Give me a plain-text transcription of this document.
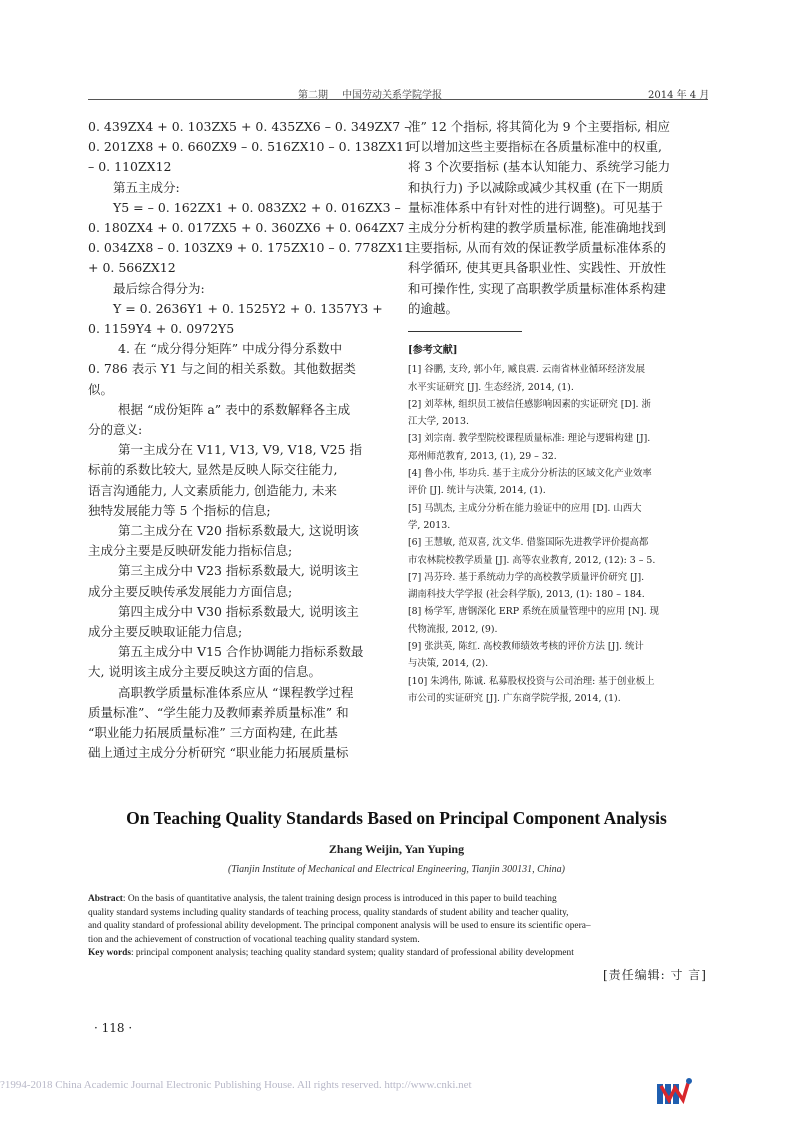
第二期 中国劳动关系学院学报	2014 年 4 月
0. 439ZX4 + 0. 103ZX5 + 0. 435ZX6 – 0. 349ZX7 –
0. 201ZX8 + 0. 660ZX9 – 0. 516ZX10 – 0. 138ZX11
– 0. 110ZX12
第五主成分:
Y5 = – 0. 162ZX1 + 0. 083ZX2 + 0. 016ZX3 –
0. 180ZX4 + 0. 017ZX5 + 0. 360ZX6 + 0. 064ZX7 –
0. 034ZX8 – 0. 103ZX9 + 0. 175ZX10 – 0. 778ZX11
+ 0. 566ZX12
最后综合得分为:
Y = 0. 2636Y1 + 0. 1525Y2 + 0. 1357Y3 +
0. 1159Y4 + 0. 0972Y5
4. 在 “成分得分矩阵” 中成分得分系数中
0. 786 表示 Y1 与之间的相关系数。其他数据类
似。
根据 “成份矩阵 a” 表中的系数解释各主成
分的意义:
第一主成分在 V11, V13, V9, V18, V25 指
标前的系数比较大, 显然是反映人际交往能力,
语言沟通能力, 人文素质能力, 创造能力, 未来
独特发展能力等 5 个指标的信息;
第二主成分在 V20 指标系数最大, 这说明该
主成分主要是反映研发能力指标信息;
第三主成分中 V23 指标系数最大, 说明该主
成分主要反映传承发展能力方面信息;
第四主成分中 V30 指标系数最大, 说明该主
成分主要反映取证能力信息;
第五主成分中 V15 合作协调能力指标系数最
大, 说明该主成分主要反映这方面的信息。
高职教学质量标准体系应从 “课程教学过程
质量标准”、“学生能力及教师素养质量标准” 和
“职业能力拓展质量标准” 三方面构建, 在此基
础上通过主成分分析研究 “职业能力拓展质量标
准” 12 个指标, 将其简化为 9 个主要指标, 相应
可以增加这些主要指标在各质量标准中的权重,
将 3 个次要指标 (基本认知能力、系统学习能力
和执行力) 予以减除或减少其权重 (在下一期质
量标准体系中有针对性的进行调整)。可见基于
主成分分析构建的教学质量标准, 能准确地找到
主要指标, 从而有效的保证教学质量标准体系的
科学循环, 使其更具备职业性、实践性、开放性
和可操作性, 实现了高职教学质量标准体系构建
的逾越。
[参考文献]
[1] 谷鹏, 支玲, 郭小年, 臧良震. 云南省林业循环经济发展
水平实证研究 [J]. 生态经济, 2014, (1).
[2] 刘萃林, 组织员工被信任感影响因素的实证研究 [D]. 浙
江大学, 2013.
[3] 刘宗南. 教学型院校课程质量标准: 理论与逻辑构建 [J].
郑州师范教育, 2013, (1), 29 – 32.
[4] 鲁小伟, 毕功兵. 基于主成分分析法的区域文化产业效率
评价 [J]. 统计与决策, 2014, (1).
[5] 马凯杰, 主成分分析在能力验证中的应用 [D]. 山西大
学, 2013.
[6] 王慧敏, 范双喜, 沈文华. 借鉴国际先进教学评价提高都
市农林院校教学质量 [J]. 高等农业教育, 2012, (12): 3 – 5.
[7] 冯芬玲. 基于系统动力学的高校教学质量评价研究 [J].
湖南科技大学学报 (社会科学版), 2013, (1): 180 – 184.
[8] 杨学军, 唐钢深化 ERP 系统在质量管理中的应用 [N]. 现
代物流报, 2012, (9).
[9] 张洪英, 陈红. 高校教师绩效考核的评价方法 [J]. 统计
与决策, 2014, (2).
[10] 朱鸿伟, 陈诚. 私募股权投资与公司治理: 基于创业板上
市公司的实证研究 [J]. 广东商学院学报, 2014, (1).
On Teaching Quality Standards Based on Principal Component Analysis
Zhang Weijin, Yan Yuping
(Tianjin Institute of Mechanical and Electrical Engineering, Tianjin 300131, China)
Abstract: On the basis of quantitative analysis, the talent training design process is introduced in this paper to build teaching
quality standard systems including quality standards of teaching process, quality standards of student ability and teacher quality,
and quality standard of professional ability development. The principal component analysis will be used to ensure its scientific opera–
tion and the achievement of construction of vocational teaching quality standard system.
Key words: principal component analysis; teaching quality standard system; quality standard of professional ability development
[责任编辑: 寸 言]
· 118 ·
?1994-2018 China Academic Journal Electronic Publishing House. All rights reserved. http://www.cnki.net
